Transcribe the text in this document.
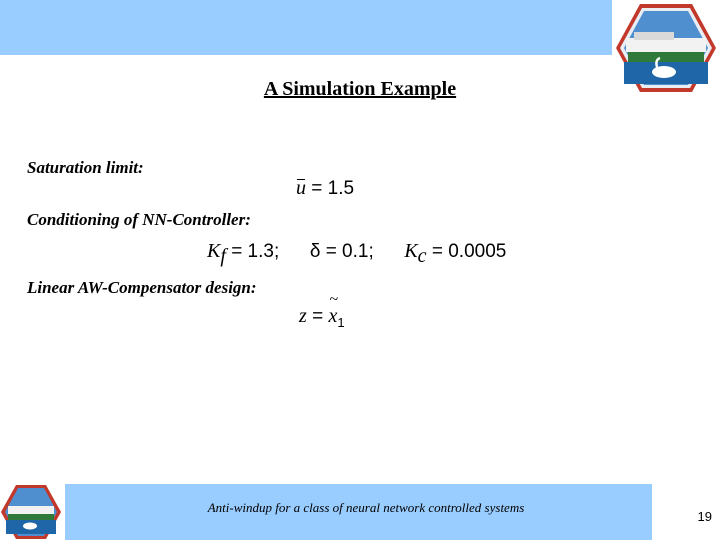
A Simulation Example
Saturation limit:
u = 1.5
Conditioning of NN-Controller:
Kf = 1.3; δ = 0.1; Kc = 0.0005
Linear AW-Compensator design:
z = ~ $x_1$
Anti-windup for a class of neural network controlled systems
19
